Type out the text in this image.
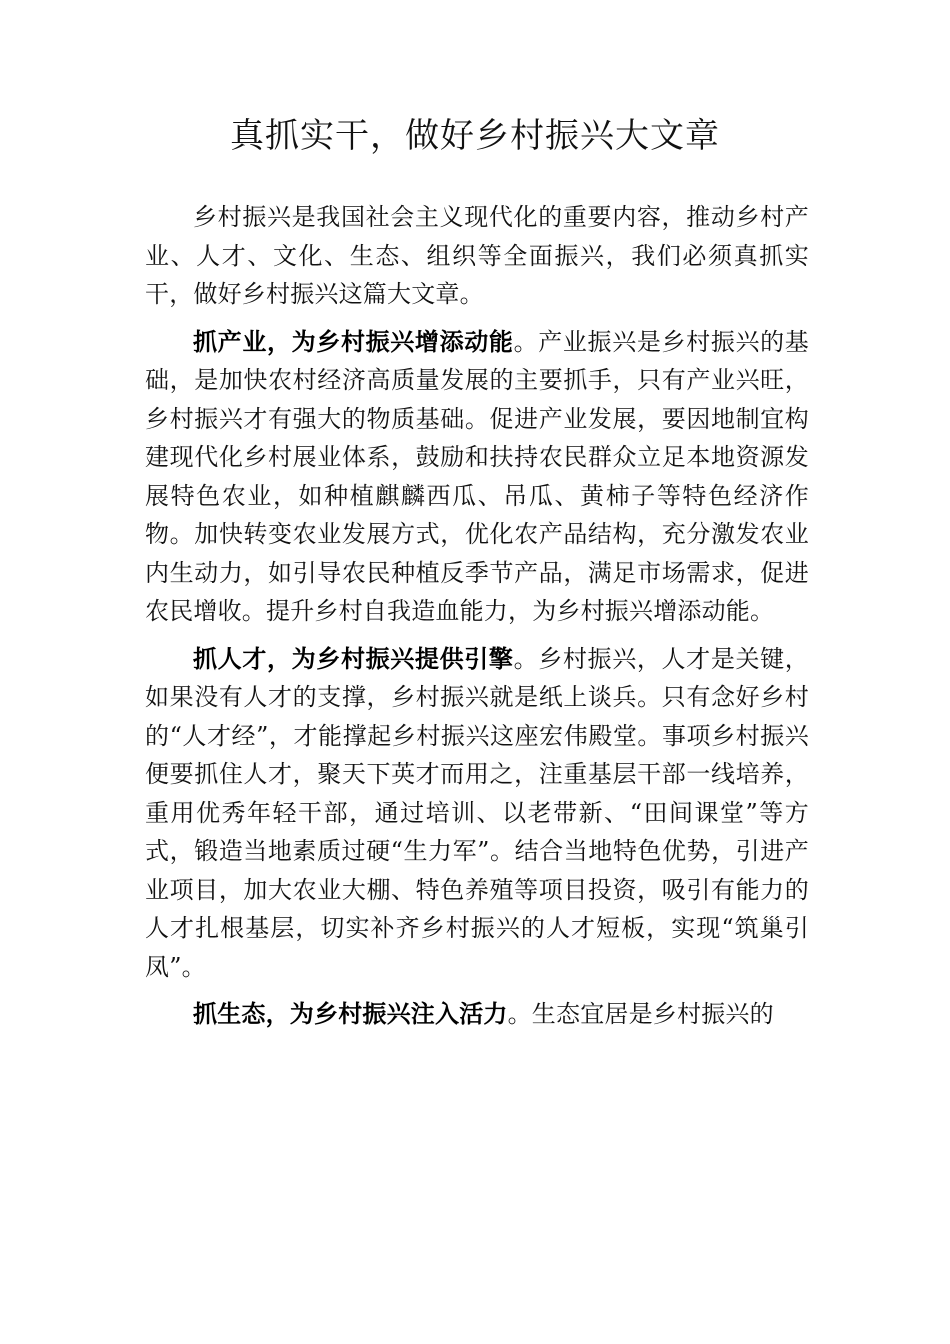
真抓实干，做好乡村振兴大文章

乡村振兴是我国社会主义现代化的重要内容，推动乡村产业、人才、文化、生态、组织等全面振兴，我们必须真抓实干，做好乡村振兴这篇大文章。

抓产业，为乡村振兴增添动能。产业振兴是乡村振兴的基础，是加快农村经济高质量发展的主要抓手，只有产业兴旺，乡村振兴才有强大的物质基础。促进产业发展，要因地制宜构建现代化乡村展业体系，鼓励和扶持农民群众立足本地资源发展特色农业，如种植麒麟西瓜、吊瓜、黄柿子等特色经济作物。加快转变农业发展方式，优化农产品结构，充分激发农业内生动力，如引导农民种植反季节产品，满足市场需求，促进农民增收。提升乡村自我造血能力，为乡村振兴增添动能。

抓人才，为乡村振兴提供引擎。乡村振兴，人才是关键，如果没有人才的支撑，乡村振兴就是纸上谈兵。只有念好乡村的“人才经”，才能撑起乡村振兴这座宏伟殿堂。事项乡村振兴便要抓住人才，聚天下英才而用之，注重基层干部一线培养，重用优秀年轻干部，通过培训、以老带新、“田间课堂”等方式，锻造当地素质过硬“生力军”。结合当地特色优势，引进产业项目，加大农业大棚、特色养殖等项目投资，吸引有能力的人才扎根基层，切实补齐乡村振兴的人才短板，实现“筑巢引凤”。

抓生态，为乡村振兴注入活力。生态宜居是乡村振兴的
